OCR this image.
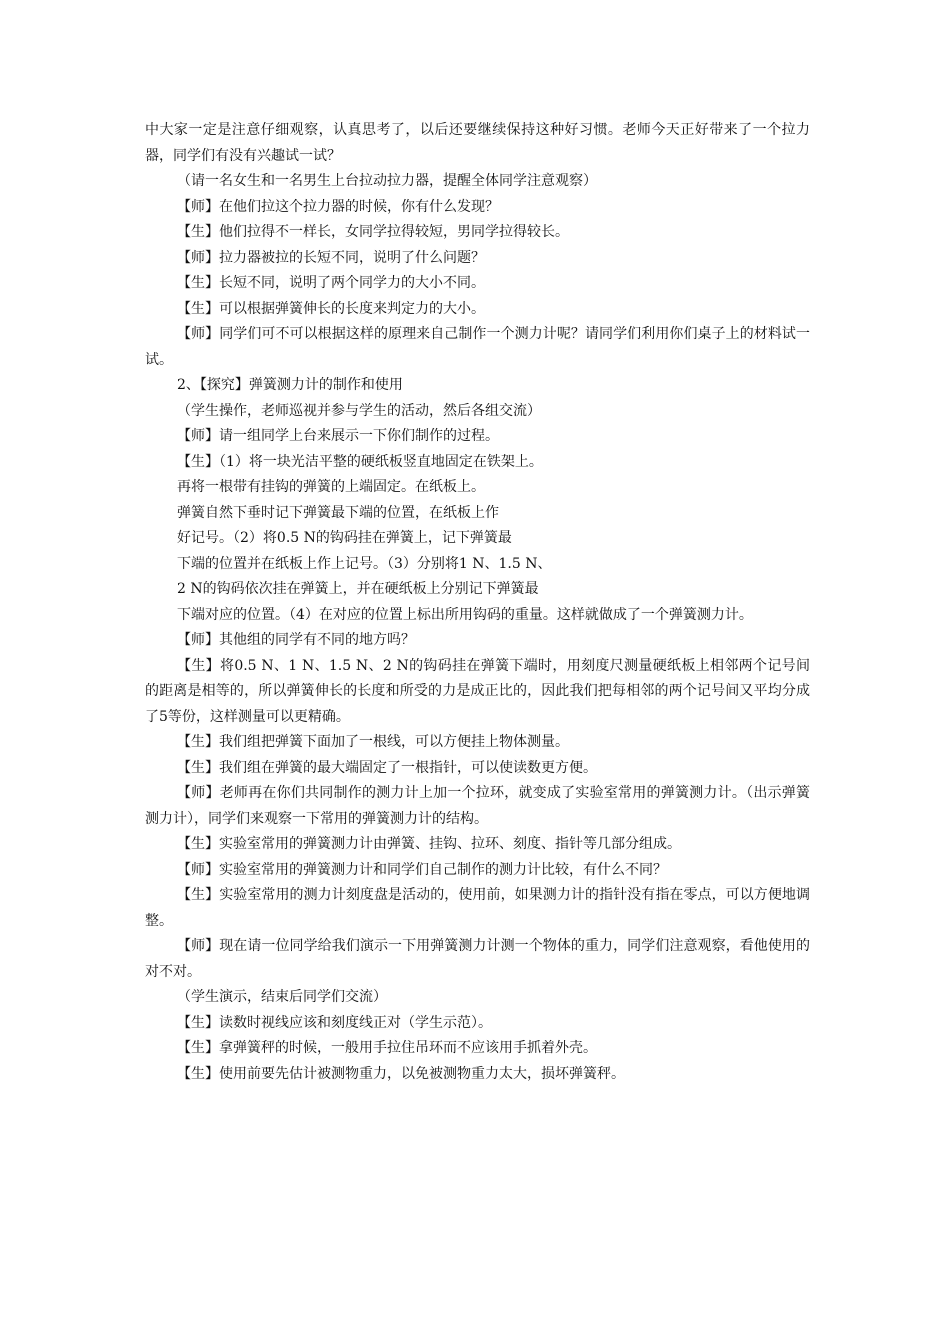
中大家一定是注意仔细观察，认真思考了，以后还要继续保持这种好习惯。老师今天正好带来了一个拉力器，同学们有没有兴趣试一试？

（请一名女生和一名男生上台拉动拉力器，提醒全体同学注意观察）

【师】在他们拉这个拉力器的时候，你有什么发现？

【生】他们拉得不一样长，女同学拉得较短，男同学拉得较长。

【师】拉力器被拉的长短不同，说明了什么问题？

【生】长短不同，说明了两个同学力的大小不同。

【生】可以根据弹簧伸长的长度来判定力的大小。

【师】同学们可不可以根据这样的原理来自己制作一个测力计呢？请同学们利用你们桌子上的材料试一试。

2、【探究】弹簧测力计的制作和使用

（学生操作，老师巡视并参与学生的活动，然后各组交流）

【师】请一组同学上台来展示一下你们制作的过程。

【生】（1）将一块光洁平整的硬纸板竖直地固定在铁架上。

再将一根带有挂钩的弹簧的上端固定。在纸板上。

弹簧自然下垂时记下弹簧最下端的位置，在纸板上作

好记号。（2）将0.5 N的钩码挂在弹簧上，记下弹簧最

下端的位置并在纸板上作上记号。（3）分别将1 N、1.5 N、

2 N的钩码依次挂在弹簧上，并在硬纸板上分别记下弹簧最

下端对应的位置。（4）在对应的位置上标出所用钩码的重量。这样就做成了一个弹簧测力计。

【师】其他组的同学有不同的地方吗？

【生】将0.5 N、1 N、1.5 N、2 N的钩码挂在弹簧下端时，用刻度尺测量硬纸板上相邻两个记号间的距离是相等的，所以弹簧伸长的长度和所受的力是成正比的，因此我们把每相邻的两个记号间又平均分成了5等份，这样测量可以更精确。

【生】我们组把弹簧下面加了一根线，可以方便挂上物体测量。

【生】我们组在弹簧的最大端固定了一根指针，可以使读数更方便。

【师】老师再在你们共同制作的测力计上加一个拉环，就变成了实验室常用的弹簧测力计。（出示弹簧测力计），同学们来观察一下常用的弹簧测力计的结构。

【生】实验室常用的弹簧测力计由弹簧、挂钩、拉环、刻度、指针等几部分组成。

【师】实验室常用的弹簧测力计和同学们自己制作的测力计比较，有什么不同？

【生】实验室常用的测力计刻度盘是活动的，使用前，如果测力计的指针没有指在零点，可以方便地调整。

【师】现在请一位同学给我们演示一下用弹簧测力计测一个物体的重力，同学们注意观察，看他使用的对不对。

（学生演示，结束后同学们交流）

【生】读数时视线应该和刻度线正对（学生示范）。

【生】拿弹簧秤的时候，一般用手拉住吊环而不应该用手抓着外壳。

【生】使用前要先估计被测物重力，以免被测物重力太大，损坏弹簧秤。
